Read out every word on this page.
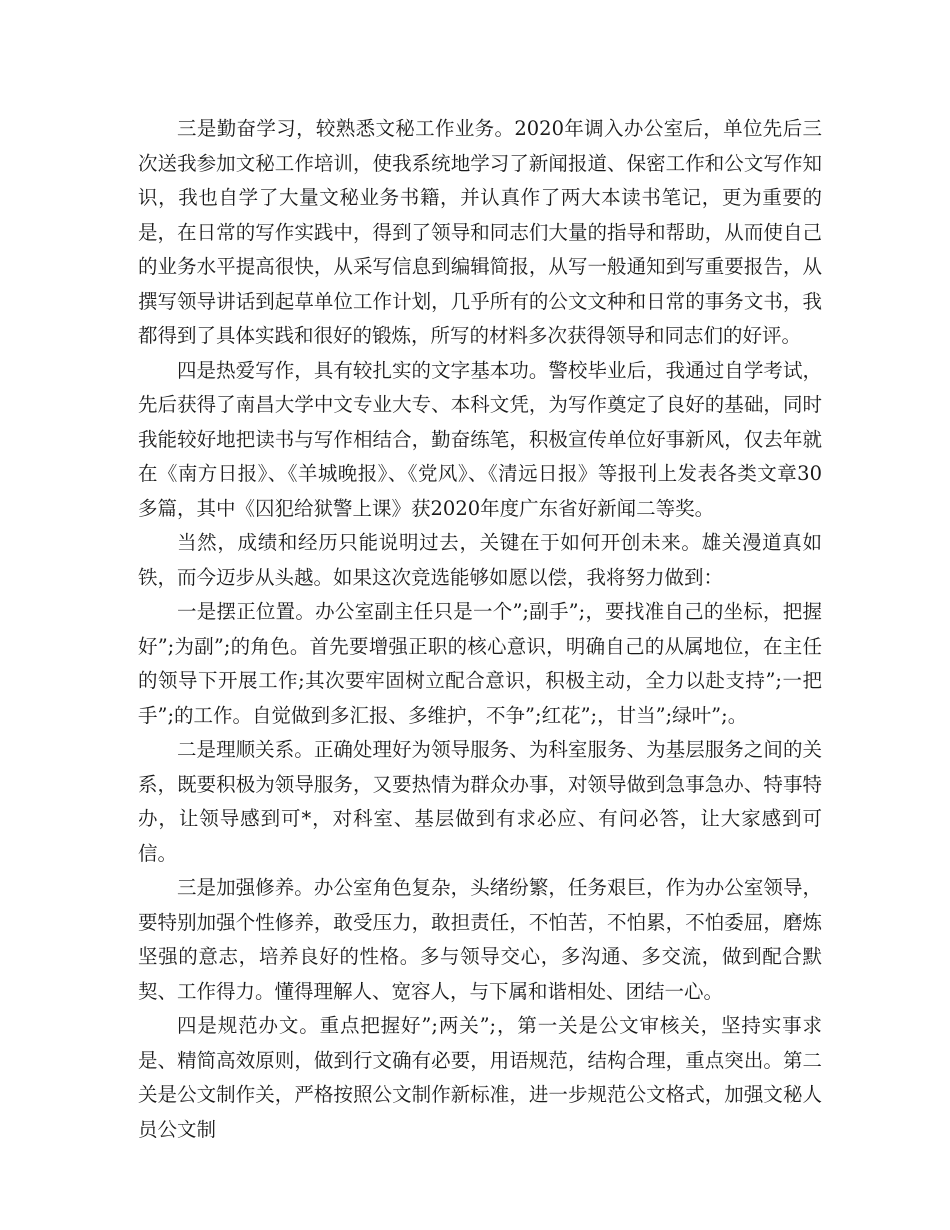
三是勤奋学习，较熟悉文秘工作业务。2020年调入办公室后，单位先后三次送我参加文秘工作培训，使我系统地学习了新闻报道、保密工作和公文写作知识，我也自学了大量文秘业务书籍，并认真作了两大本读书笔记，更为重要的是，在日常的写作实践中，得到了领导和同志们大量的指导和帮助，从而使自己的业务水平提高很快，从采写信息到编辑简报，从写一般通知到写重要报告，从撰写领导讲话到起草单位工作计划，几乎所有的公文文种和日常的事务文书，我都得到了具体实践和很好的锻炼，所写的材料多次获得领导和同志们的好评。

四是热爱写作，具有较扎实的文字基本功。警校毕业后，我通过自学考试，先后获得了南昌大学中文专业大专、本科文凭，为写作奠定了良好的基础，同时我能较好地把读书与写作相结合，勤奋练笔，积极宣传单位好事新风，仅去年就在《南方日报》、《羊城晚报》、《党风》、《清远日报》等报刊上发表各类文章30多篇，其中《囚犯给狱警上课》获2020年度广东省好新闻二等奖。

当然，成绩和经历只能说明过去，关键在于如何开创未来。雄关漫道真如铁，而今迈步从头越。如果这次竞选能够如愿以偿，我将努力做到：

一是摆正位置。办公室副主任只是一个”;副手”;，要找准自己的坐标，把握好”;为副”;的角色。首先要增强正职的核心意识，明确自己的从属地位，在主任的领导下开展工作;其次要牢固树立配合意识，积极主动，全力以赴支持”;一把手”;的工作。自觉做到多汇报、多维护，不争”;红花”;，甘当”;绿叶”;。

二是理顺关系。正确处理好为领导服务、为科室服务、为基层服务之间的关系，既要积极为领导服务，又要热情为群众办事，对领导做到急事急办、特事特办，让领导感到可*，对科室、基层做到有求必应、有问必答，让大家感到可信。

三是加强修养。办公室角色复杂，头绪纷繁，任务艰巨，作为办公室领导，要特别加强个性修养，敢受压力，敢担责任，不怕苦，不怕累，不怕委屈，磨炼坚强的意志，培养良好的性格。多与领导交心，多沟通、多交流，做到配合默契、工作得力。懂得理解人、宽容人，与下属和谐相处、团结一心。

四是规范办文。重点把握好”;两关”;，第一关是公文审核关，坚持实事求是、精简高效原则，做到行文确有必要，用语规范，结构合理，重点突出。第二关是公文制作关，严格按照公文制作新标准，进一步规范公文格式，加强文秘人员公文制
